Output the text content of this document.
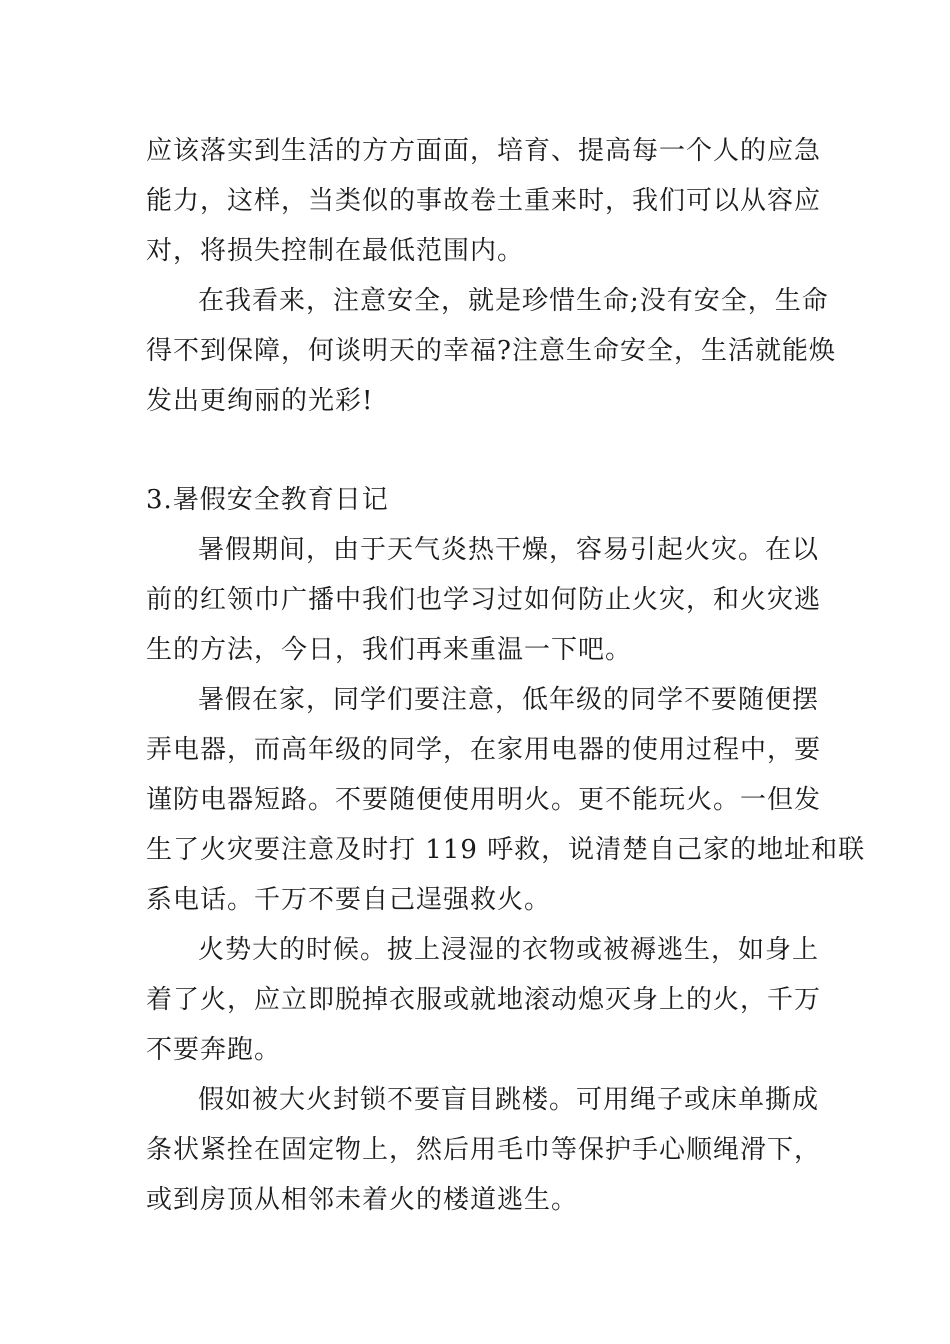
应该落实到生活的方方面面，培育、提高每一个人的应急
能力，这样，当类似的事故卷土重来时，我们可以从容应
对，将损失控制在最低范围内。
在我看来，注意安全，就是珍惜生命;没有安全，生命
得不到保障，何谈明天的幸福?注意生命安全，生活就能焕
发出更绚丽的光彩!
3.暑假安全教育日记
暑假期间，由于天气炎热干燥，容易引起火灾。在以
前的红领巾广播中我们也学习过如何防止火灾，和火灾逃
生的方法，今日，我们再来重温一下吧。
暑假在家，同学们要注意，低年级的同学不要随便摆
弄电器，而高年级的同学，在家用电器的使用过程中，要
谨防电器短路。不要随便使用明火。更不能玩火。一但发
生了火灾要注意及时打 119 呼救，说清楚自己家的地址和联
系电话。千万不要自己逞强救火。
火势大的时候。披上浸湿的衣物或被褥逃生，如身上
着了火，应立即脱掉衣服或就地滚动熄灭身上的火，千万
不要奔跑。
假如被大火封锁不要盲目跳楼。可用绳子或床单撕成
条状紧拴在固定物上，然后用毛巾等保护手心顺绳滑下，
或到房顶从相邻未着火的楼道逃生。
